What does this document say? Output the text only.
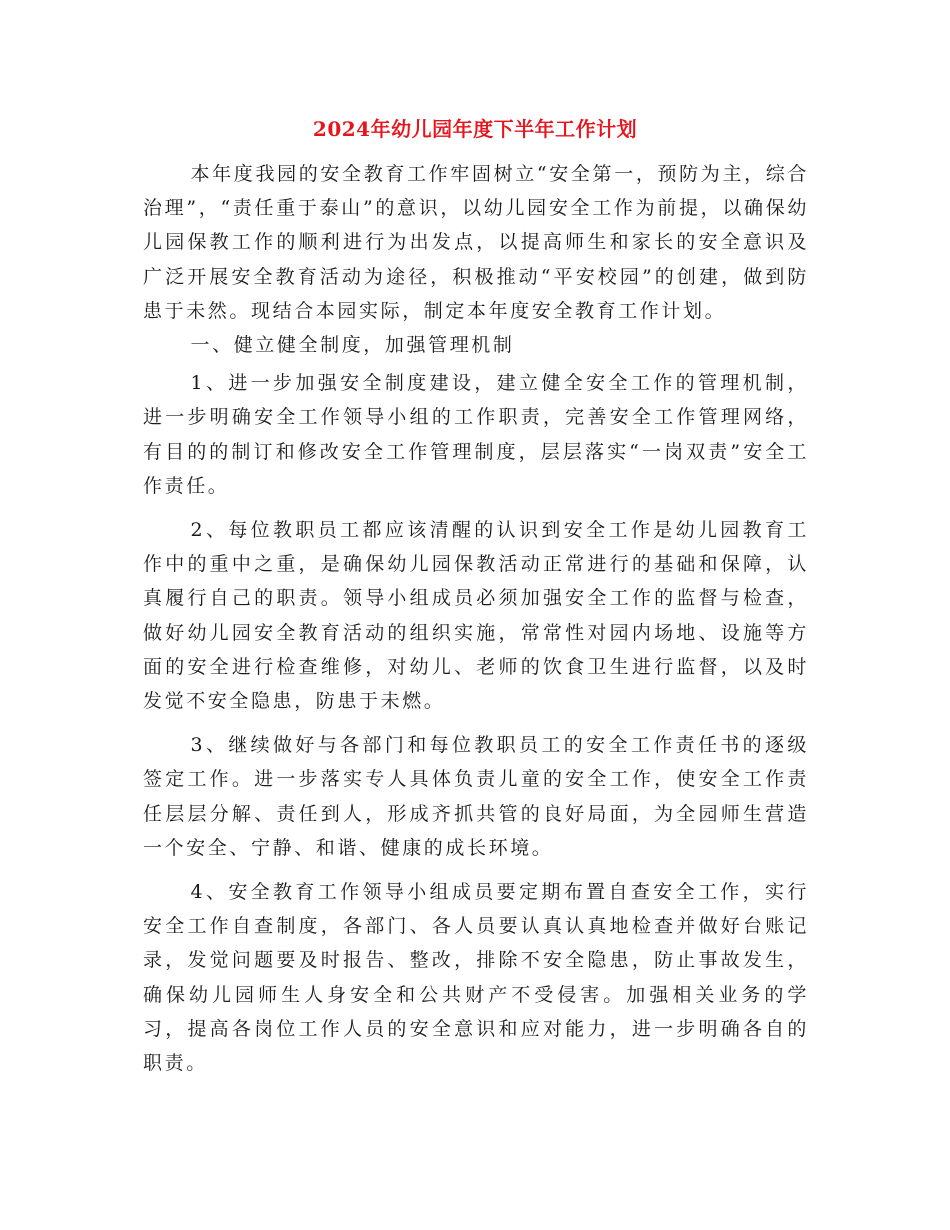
2024年幼儿园年度下半年工作计划

本年度我园的安全教育工作牢固树立“安全第一，预防为主，综合治理”，“责任重于泰山”的意识，以幼儿园安全工作为前提，以确保幼儿园保教工作的顺利进行为出发点，以提高师生和家长的安全意识及广泛开展安全教育活动为途径，积极推动“平安校园”的创建，做到防患于未然。现结合本园实际，制定本年度安全教育工作计划。

一、健立健全制度，加强管理机制

1、进一步加强安全制度建设，建立健全安全工作的管理机制，进一步明确安全工作领导小组的工作职责，完善安全工作管理网络，有目的的制订和修改安全工作管理制度，层层落实“一岗双责”安全工作责任。

2、每位教职员工都应该清醒的认识到安全工作是幼儿园教育工作中的重中之重，是确保幼儿园保教活动正常进行的基础和保障，认真履行自己的职责。领导小组成员必须加强安全工作的监督与检查，做好幼儿园安全教育活动的组织实施，常常性对园内场地、设施等方面的安全进行检查维修，对幼儿、老师的饮食卫生进行监督，以及时发觉不安全隐患，防患于未燃。

3、继续做好与各部门和每位教职员工的安全工作责任书的逐级签定工作。进一步落实专人具体负责儿童的安全工作，使安全工作责任层层分解、责任到人，形成齐抓共管的良好局面，为全园师生营造一个安全、宁静、和谐、健康的成长环境。

4、安全教育工作领导小组成员要定期布置自查安全工作，实行安全工作自查制度，各部门、各人员要认真认真地检查并做好台账记录，发觉问题要及时报告、整改，排除不安全隐患，防止事故发生，确保幼儿园师生人身安全和公共财产不受侵害。加强相关业务的学习，提高各岗位工作人员的安全意识和应对能力，进一步明确各自的职责。
